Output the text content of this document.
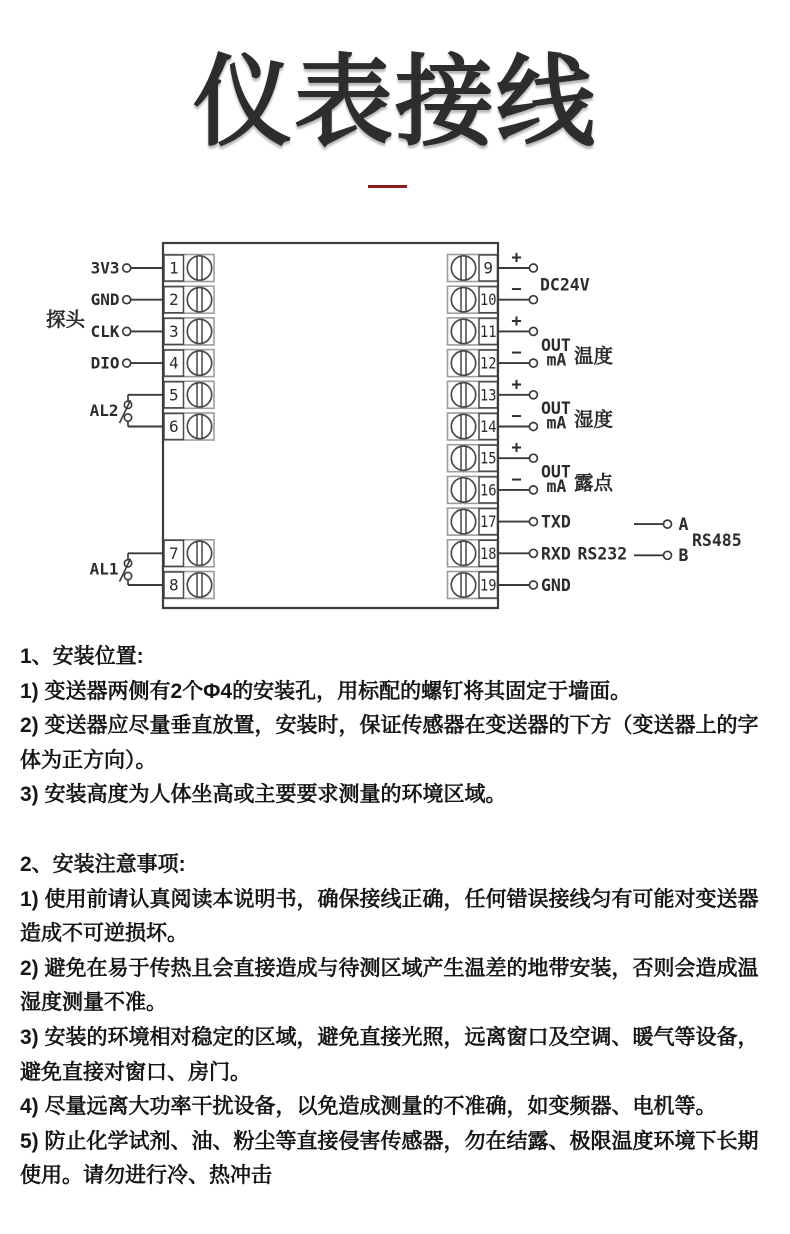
仪表接线
1
2
3
4
5
6
7
8
9
10
11
12
13
14
15
16
17
18
19
3V3
GND
CLK
DIO
探头
AL2
AL1
+
−
+
−
+
−
+
−
TXD
RXD
GND
DC24V
OUT
mA 温度
OUT
mA 湿度
OUT
mA 露点
RS232
A
B
RS485

1、安装位置:

1) 变送器两侧有2个Φ4的安装孔，用标配的螺钉将其固定于墙面。

2) 变送器应尽量垂直放置，安装时，保证传感器在变送器的下方（变送器上的字体为正方向）。

3) 安装高度为人体坐高或主要要求测量的环境区域。

2、安装注意事项:

1) 使用前请认真阅读本说明书，确保接线正确，任何错误接线匀有可能对变送器造成不可逆损坏。

2) 避免在易于传热且会直接造成与待测区域产生温差的地带安装，否则会造成温湿度测量不准。

3) 安装的环境相对稳定的区域，避免直接光照，远离窗口及空调、暖气等设备，避免直接对窗口、房门。

4) 尽量远离大功率干扰设备，以免造成测量的不准确，如变频器、电机等。

5) 防止化学试剂、油、粉尘等直接侵害传感器，勿在结露、极限温度环境下长期使用。请勿进行冷、热冲击
